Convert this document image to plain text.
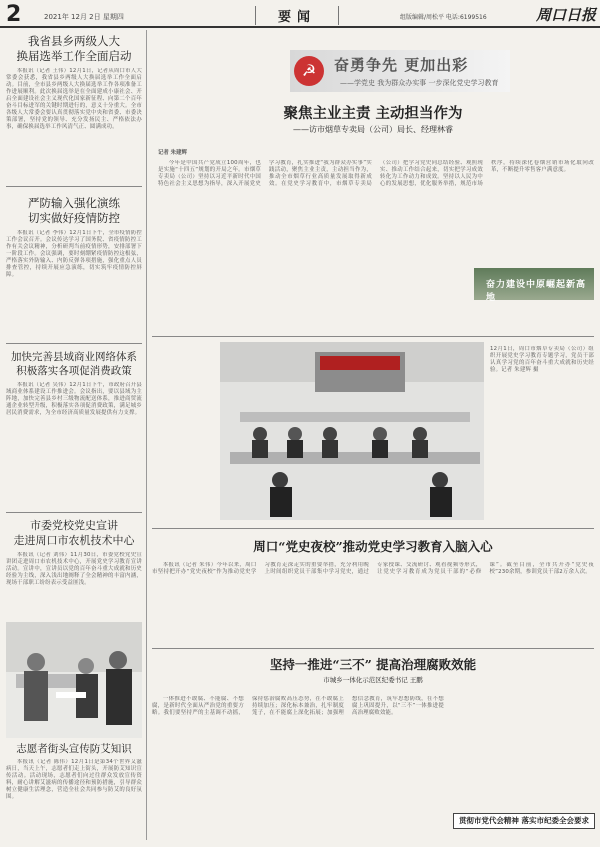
2	2021年 12月 2日 星期四	要闻	组版编辑/周松平 电话:6199516	周口日报
我省县乡两级人大
换届选举工作全面启动

本报讯（记者 王伟）12月1日，记者从周口市人大常委会获悉，我省县乡两级人大换届选举工作全面启动。目前，全市县乡两级人大换届选举工作各项准备工作进展顺利。此次换届选举是在全面建成小康社会、开启全面建设社会主义现代化国家新征程、向第二个百年奋斗目标进军的关键时期进行的，意义十分重大。全市各级人大常委会要认真贯彻落实党中央和省委、市委决策部署，坚持党的领导、充分发扬民主、严格依法办事，确保换届选举工作风清气正、圆满成功。

严防输入强化演练
切实做好疫情防控

本报讯（记者 李伟）12月1日下午，全市疫情防控工作会议召开。会议传达学习了国务院、省疫情防控工作有关会议精神，分析研判当前疫情形势，安排部署下一阶段工作。会议强调，要时刻绷紧疫情防控这根弦，严格落实外防输入、内防反弹各项措施，强化重点人员排查管控，持续开展应急演练，切实筑牢疫情防控屏障。

加快完善县域商业网络体系
积极落实各项促消费政策

本报讯（记者 吴伟）12月1日下午，市政府召开县域商业体系建设工作推进会。会议指出，要以县域为主阵地，加快完善县乡村三级物流配送体系，推进商贸流通企业转型升级，积极落实各项促消费政策，满足城乡居民消费需求，为全市经济高质量发展提供有力支撑。

市委党校党史宣讲
走进周口市农机技术中心

本报讯（记者 刘伟）11月30日，市委党校党史宣讲团走进周口市农机技术中心，开展党史学习教育宣讲活动。宣讲中，宣讲员以党的百年奋斗重大成就和历史经验为主线，深入浅出地阐释了全会精神的丰富内涵，现场干部职工纷纷表示受益匪浅。

志愿者街头宣传防艾知识

本报讯（记者 陈伟）12月1日是第34个世界艾滋病日，当天上午，志愿者们走上街头，开展防艾知识宣传活动。活动现场，志愿者们向过往群众发放宣传资料，耐心讲解艾滋病的传播途径和预防措施，引导群众树立健康生活理念，营造全社会共同参与防艾的良好氛围。

☭	奋勇争先 更加出彩
——学党史 我为群众办实事 一步深化党史学习教育
聚焦主业主责 主动担当作为
——访市烟草专卖局（公司）局长、经理林睿
记者 朱建辉

今年是中国共产党成立100周年，也是实施“十四五”规划的开局之年。市烟草专卖局（公司）坚持以习近平新时代中国特色社会主义思想为指导，深入开展党史学习教育，扎实推进“我为群众办实事”实践活动，聚焦主业主责，主动担当作为，推动全市烟草行业高质量发展取得新成效。在党史学习教育中，市烟草专卖局（公司）把学习党史同总结经验、观照现实、推动工作结合起来，切实把学习成效转化为工作动力和成效。坚持以人民为中心的发展思想，优化服务举措，规范市场秩序，持续深化卷烟营销市场化取向改革，不断提升零售客户满意度。

奋力建设中原崛起新高地
12月1日，周口市烟草专卖局（公司）组织开展党史学习教育专题学习，党员干部认真学习党的百年奋斗重大成就和历史经验。记者 朱建辉 摄
周口“党史夜校”推动党史学习教育入脑入心

本报讯（记者 朱伟）今年以来，周口市坚持把开办“党史夜校”作为推动党史学习教育走深走实的重要举措，充分利用晚上时间组织党员干部集中学习党史，通过专家授课、交流研讨、观看视频等形式，让党史学习教育成为党员干部的“必修课”。截至目前，全市共开办“党史夜校”230余期，参训党员干部2万余人次。

坚持一推进“三不” 提高治理腐败效能
市城乡一体化示范区纪委书记 王鹏

一体推进不敢腐、不能腐、不想腐，是新时代全面从严治党的重要方略。我们要坚持严的主基调不动摇，保持惩治腐败高压态势，在不敢腐上持续加压；深化标本兼治，扎牢制度笼子，在不能腐上深化拓展；加强理想信念教育，筑牢思想防线，在不想腐上巩固提升，以“三不”一体推进提高治理腐败效能。

贯彻市党代会精神 落实市纪委全会要求
